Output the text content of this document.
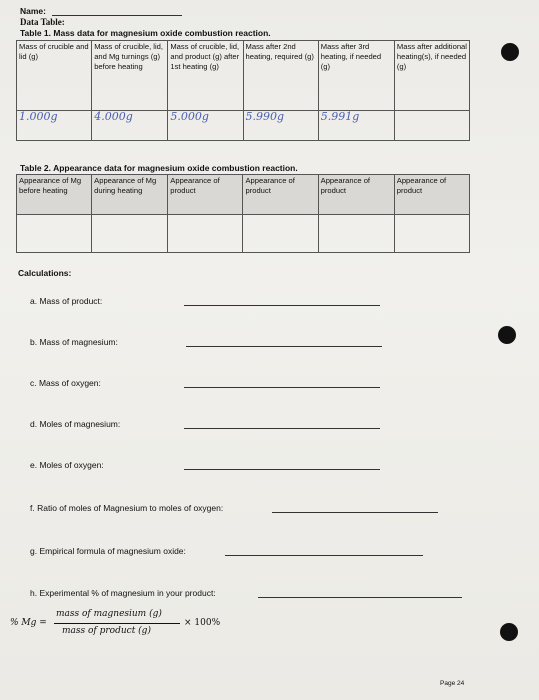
Name:
Data Table:
Table 1. Mass data for magnesium oxide combustion reaction.
Mass of crucible and lid (g)	Mass of crucible, lid, and Mg turnings (g) before heating	Mass of crucible, lid, and product (g) after 1st heating (g)	Mass after 2nd heating, required (g)	Mass after 3rd heating, if needed (g)	Mass after additional heating(s), if needed (g)
1.000g	4.000g	5.000g	5.990g	5.991g	
Table 2. Appearance data for magnesium oxide combustion reaction.
Appearance of Mg before heating	Appearance of Mg during heating	Appearance of product	Appearance of product	Appearance of product	Appearance of product

Calculations:
a. Mass of product:
b. Mass of magnesium:
c. Mass of oxygen:
d. Moles of magnesium:
e. Moles of oxygen:
f. Ratio of moles of Magnesium to moles of oxygen:
g. Empirical formula of magnesium oxide:
h. Experimental % of magnesium in your product:
% Mg =
mass of magnesium (g)
mass of product (g)
× 100%
Page 24
